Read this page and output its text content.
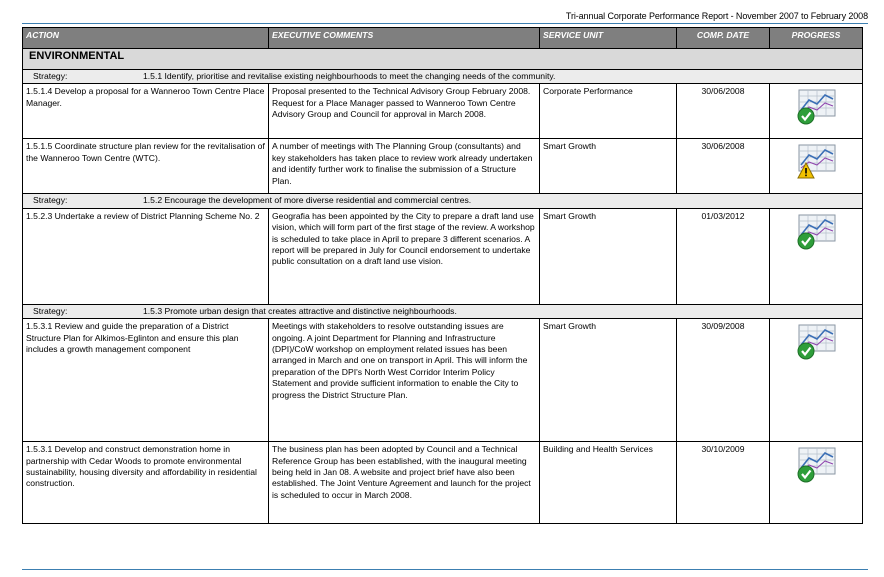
Tri-annual Corporate Performance Report - November 2007 to February 2008
ACTION	EXECUTIVE COMMENTS	SERVICE UNIT	COMP. DATE	PROGRESS
ENVIRONMENTAL				
Strategy: 1.5.1 Identify, prioritise and revitalise existing neighbourhoods to meet the changing needs of the community.				
1.5.1.4 Develop a proposal for a Wanneroo Town Centre Place Manager.	Proposal presented to the Technical Advisory Group February 2008. Request for a Place Manager passed to Wanneroo Town Centre Advisory Group and Council for approval in March 2008.	Corporate Performance	30/06/2008	

1.5.1.5 Coordinate structure plan review for the revitalisation of the Wanneroo Town Centre (WTC).	A number of meetings with The Planning Group (consultants) and key stakeholders has taken place to review work already undertaken and identify further work to finalise the submission of a Structure Plan.	Smart Growth	30/06/2008	

Strategy: 1.5.2 Encourage the development of more diverse residential and commercial centres.				
1.5.2.3 Undertake a review of District Planning Scheme No. 2	Geografia has been appointed by the City to prepare a draft land use vision, which will form part of the first stage of the review. A workshop is scheduled to take place in April to prepare 3 different scenarios. A report will be prepared in July for Council endorsement to undertake public consultation on a draft land use vision.	Smart Growth	01/03/2012	

Strategy: 1.5.3 Promote urban design that creates attractive and distinctive neighbourhoods.				
1.5.3.1 Review and guide the preparation of a District Structure Plan for Alkimos-Eglinton and ensure this plan includes a growth management component	Meetings with stakeholders to resolve outstanding issues are ongoing. A joint Department for Planning and Infrastructure (DPI)/CoW workshop on employment related issues has been arranged in March and one on transport in April. This will inform the preparation of the DPI's North West Corridor Interim Policy Statement and provide sufficient information to enable the City to progress the District Structure Plan.	Smart Growth	30/09/2008	

1.5.3.1 Develop and construct demonstration home in partnership with Cedar Woods to promote environmental sustainability, housing diversity and affordability in residential construction.	The business plan has been adopted by Council and a Technical Reference Group has been established, with the inaugural meeting being held in Jan 08. A website and project brief have also been established. The Joint Venture Agreement and launch for the project is scheduled to occur in March 2008.	Building and Health Services	30/10/2009	
